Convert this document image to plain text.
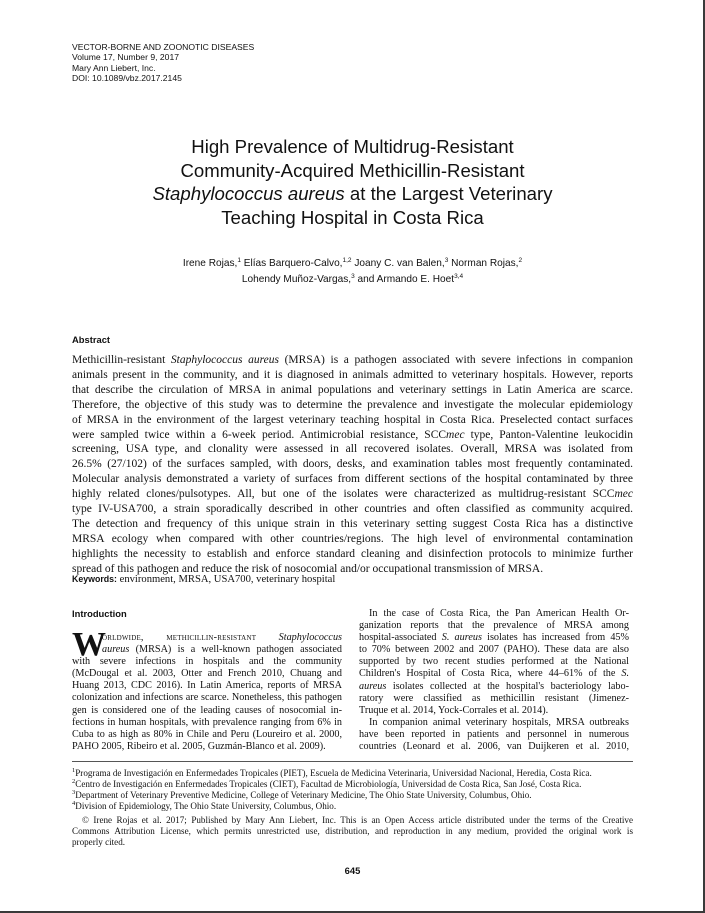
VECTOR-BORNE AND ZOONOTIC DISEASES
Volume 17, Number 9, 2017
Mary Ann Liebert, Inc.
DOI: 10.1089/vbz.2017.2145
High Prevalence of Multidrug-Resistant
Community-Acquired Methicillin-Resistant
Staphylococcus aureus at the Largest Veterinary
Teaching Hospital in Costa Rica
Irene Rojas,$^1$ Elías Barquero-Calvo,$^{1,2}$ Joany C. van Balen,$^3$ Norman Rojas,$^2$
Lohendy Muñoz-Vargas,$^3$ and Armando E. Hoet$^{3,4}$
Abstract
Methicillin-resistant Staphylococcus aureus (MRSA) is a pathogen associated with severe infections in companion
animals present in the community, and it is diagnosed in animals admitted to veterinary hospitals. However, reports
that describe the circulation of MRSA in animal populations and veterinary settings in Latin America are scarce.
Therefore, the objective of this study was to determine the prevalence and investigate the molecular epidemiology
of MRSA in the environment of the largest veterinary teaching hospital in Costa Rica. Preselected contact surfaces
were sampled twice within a 6-week period. Antimicrobial resistance, SCCmec type, Panton-Valentine leukocidin
screening, USA type, and clonality were assessed in all recovered isolates. Overall, MRSA was isolated from
26.5% (27/102) of the surfaces sampled, with doors, desks, and examination tables most frequently contaminated.
Molecular analysis demonstrated a variety of surfaces from different sections of the hospital contaminated by three
highly related clones/pulsotypes. All, but one of the isolates were characterized as multidrug-resistant SCCmec
type IV-USA700, a strain sporadically described in other countries and often classified as community acquired.
The detection and frequency of this unique strain in this veterinary setting suggest Costa Rica has a distinctive
MRSA ecology when compared with other countries/regions. The high level of environmental contamination
highlights the necessity to establish and enforce standard cleaning and disinfection protocols to minimize further
spread of this pathogen and reduce the risk of nosocomial and/or occupational transmission of MRSA.
Keywords: environment, MRSA, USA700, veterinary hospital
Introduction
W
orldwide, methicillin-resistant Staphylococcus
aureus (MRSA) is a well-known pathogen associated
with severe infections in hospitals and the community
(McDougal et al. 2003, Otter and French 2010, Chuang and
Huang 2013, CDC 2016). In Latin America, reports of MRSA
colonization and infections are scarce. Nonetheless, this pathogen
gen is considered one of the leading causes of nosocomial in-
fections in human hospitals, with prevalence ranging from 6% in
Cuba to as high as 80% in Chile and Peru (Loureiro et al. 2000,
PAHO 2005, Ribeiro et al. 2005, Guzmán-Blanco et al. 2009).
In the case of Costa Rica, the Pan American Health Or-
ganization reports that the prevalence of MRSA among
hospital-associated S. aureus isolates has increased from 45%
to 70% between 2002 and 2007 (PAHO). These data are also
supported by two recent studies performed at the National
Children's Hospital of Costa Rica, where 44–61% of the S.
aureus isolates collected at the hospital's bacteriology labo-
ratory were classified as methicillin resistant (Jimenez-
Truque et al. 2014, Yock-Corrales et al. 2014).
In companion animal veterinary hospitals, MRSA outbreaks
have been reported in patients and personnel in numerous
countries (Leonard et al. 2006, van Duijkeren et al. 2010,
$^1$Programa de Investigación en Enfermedades Tropicales (PIET), Escuela de Medicina Veterinaria, Universidad Nacional, Heredia, Costa Rica.
$^2$Centro de Investigación en Enfermedades Tropicales (CIET), Facultad de Microbiología, Universidad de Costa Rica, San José, Costa Rica.
$^3$Department of Veterinary Preventive Medicine, College of Veterinary Medicine, The Ohio State University, Columbus, Ohio.
$^4$Division of Epidemiology, The Ohio State University, Columbus, Ohio.
© Irene Rojas et al. 2017; Published by Mary Ann Liebert, Inc. This is an Open Access article distributed under the terms of the Creative
Commons Attribution License, which permits unrestricted use, distribution, and reproduction in any medium, provided the original work is
properly cited.
645
